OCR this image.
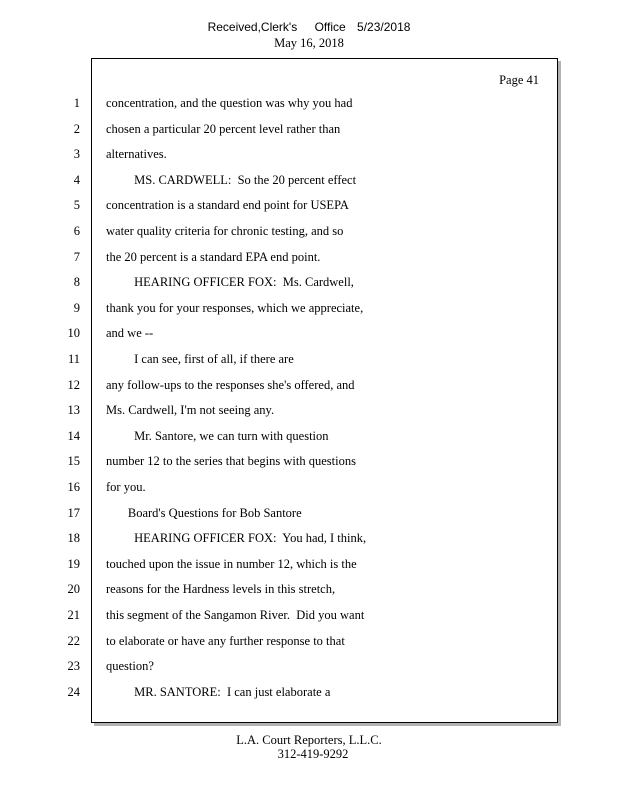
Received,Clerk's Office 5/23/2018
May 16, 2018
Page 41
1 concentration, and the question was why you had
2 chosen a particular 20 percent level rather than
3 alternatives.
4 MS. CARDWELL:  So the 20 percent effect
5 concentration is a standard end point for USEPA
6 water quality criteria for chronic testing, and so
7 the 20 percent is a standard EPA end point.
8 HEARING OFFICER FOX:  Ms. Cardwell,
9 thank you for your responses, which we appreciate,
10 and we --
11 I can see, first of all, if there are
12 any follow-ups to the responses she's offered, and
13 Ms. Cardwell, I'm not seeing any.
14 Mr. Santore, we can turn with question
15 number 12 to the series that begins with questions
16 for you.
17 Board's Questions for Bob Santore
18 HEARING OFFICER FOX:  You had, I think,
19 touched upon the issue in number 12, which is the
20 reasons for the Hardness levels in this stretch,
21 this segment of the Sangamon River.  Did you want
22 to elaborate or have any further response to that
23 question?
24 MR. SANTORE:  I can just elaborate a
L.A. Court Reporters, L.L.C.
312-419-9292
